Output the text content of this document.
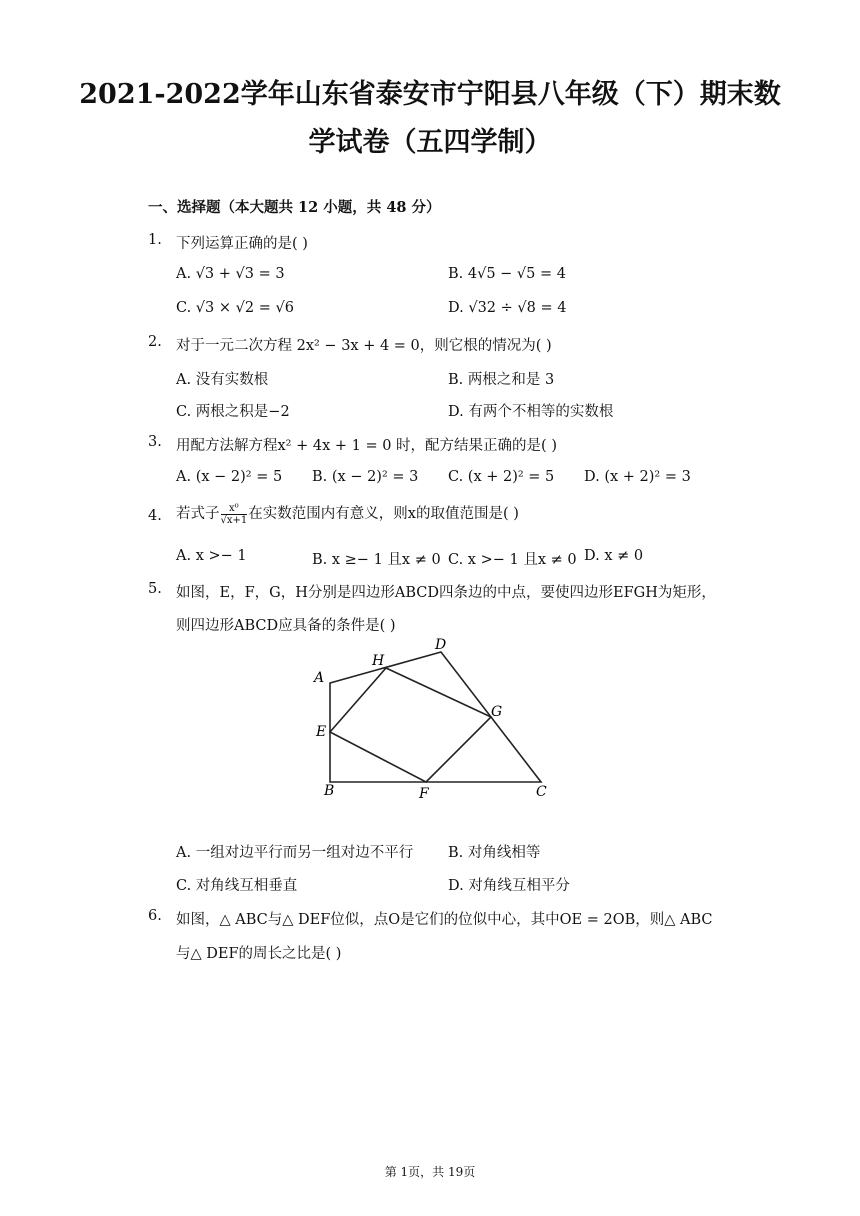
2021-2022学年山东省泰安市宁阳县八年级（下）期末数
学试卷（五四学制）
一、选择题（本大题共 12 小题，共 48 分）
1. 下列运算正确的是( )
A. √3 + √3 = 3	B. 4√5 − √5 = 4
C. √3 × √2 = √6	D. √32 ÷ √8 = 4
2. 对于一元二次方程 2x² − 3x + 4 = 0，则它根的情况为( )
A. 没有实数根	B. 两根之和是 3
C. 两根之积是−2	D. 有两个不相等的实数根
3. 用配方法解方程x² + 4x + 1 = 0 时，配方结果正确的是( )
A. (x − 2)² = 5 B. (x − 2)² = 3 C. (x + 2)² = 5 D. (x + 2)² = 3
4. 若式子 $\frac{\text{x⁰}}{√x+1}$ 在实数范围内有意义，则x的取值范围是( )
A. x >− 1	B. x ≥− 1 且x ≠ 0 C. x >− 1 且x ≠ 0 D. x ≠ 0
5. 如图，E，F，G，H分别是四边形ABCD四条边的中点，要使四边形EFGH为矩形，
则四边形ABCD应具备的条件是( )
A
B	C
D
E
F
G
H
A. 一组对边平行而另一组对边不平行 B. 对角线相等
C. 对角线互相垂直	D. 对角线互相平分
6. 如图，△ ABC与△ DEF位似，点O是它们的位似中心，其中OE = 2OB，则△ ABC
与△ DEF的周长之比是( )
第 1页，共 19页
